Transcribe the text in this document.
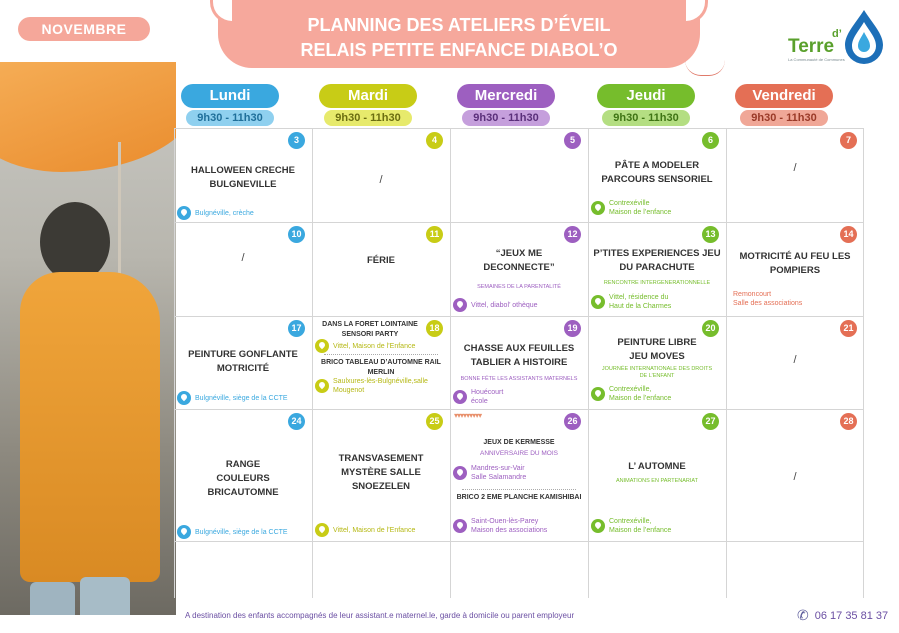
NOVEMBRE	PLANNING DES ATELIERS D’ÉVEIL
RELAIS PETITE ENFANCE DIABOL’O	Terre
d’
La Communauté de Communes
Lundi
9h30 - 11h30
Mardi
9h30 - 11h30
Mercredi
9h30 - 11h30
Jeudi
9h30 - 11h30
Vendredi
9h30 - 11h30
3
HALLOWEEN CRECHE BULGNEVILLE
Bulgnéville, crèche
4
/
5	6
PÂTE A MODELER PARCOURS SENSORIEL
Contrexéville
Maison de l’enfance
7
/
10
/
11
FÉRIE
12
“JEUX ME DECONNECTE”
SEMAINES DE LA PARENTALITÉ
Vittel, diabol’ othèque
13
P’TITES EXPERIENCES JEU DU PARACHUTE
RENCONTRE INTERGENERATIONNELLE
Vittel, résidence du
Haut de la Charmes
14
MOTRICITÉ AU FEU LES POMPIERS
Remoncourt
Salle des associations
17
PEINTURE GONFLANTE MOTRICITÉ
Bulgnéville, siège de la CCTE
18
DANS LA FORET LOINTAINE SENSORI PARTY
Vittel, Maison de l’Enfance
BRICO TABLEAU D’AUTOMNE RAIL MERLIN
Saulxures-lès-Bulgnéville,salle
Mougenot
19
CHASSE AUX FEUILLES TABLIER A HISTOIRE
BONNE FÊTE LES ASSISTANTS MATERNELS
Houécourt
école
20
PEINTURE LIBRE JEU MOVES
JOURNÉE INTERNATIONALE DES DROITS
DE L’ENFANT
Contrexéville,
Maison de l’enfance
21
/
24
RANGE COULEURS BRICAUTOMNE
Bulgnéville, siège de la CCTE
25
TRANSVASEMENT MYSTÈRE SALLE SNOEZELEN
Vittel, Maison de l’Enfance
26
▾▾▾▾▾▾▾▾▾
JEUX DE KERMESSE
ANNIVERSAIRE DU MOIS
Mandres-sur-Vair
Salle Salamandre
BRICO 2 EME PLANCHE KAMISHIBAI
Saint-Ouen-lès-Parey
Maison des associations
27
L’ AUTOMNE
ANIMATIONS EN PARTENARIAT
Contrexéville,
Maison de l’enfance
28
/
A destination des enfants accompagnés de leur assistant.e maternel.le, garde à domicile ou parent employeur	✆ 06 17 35 81 37
